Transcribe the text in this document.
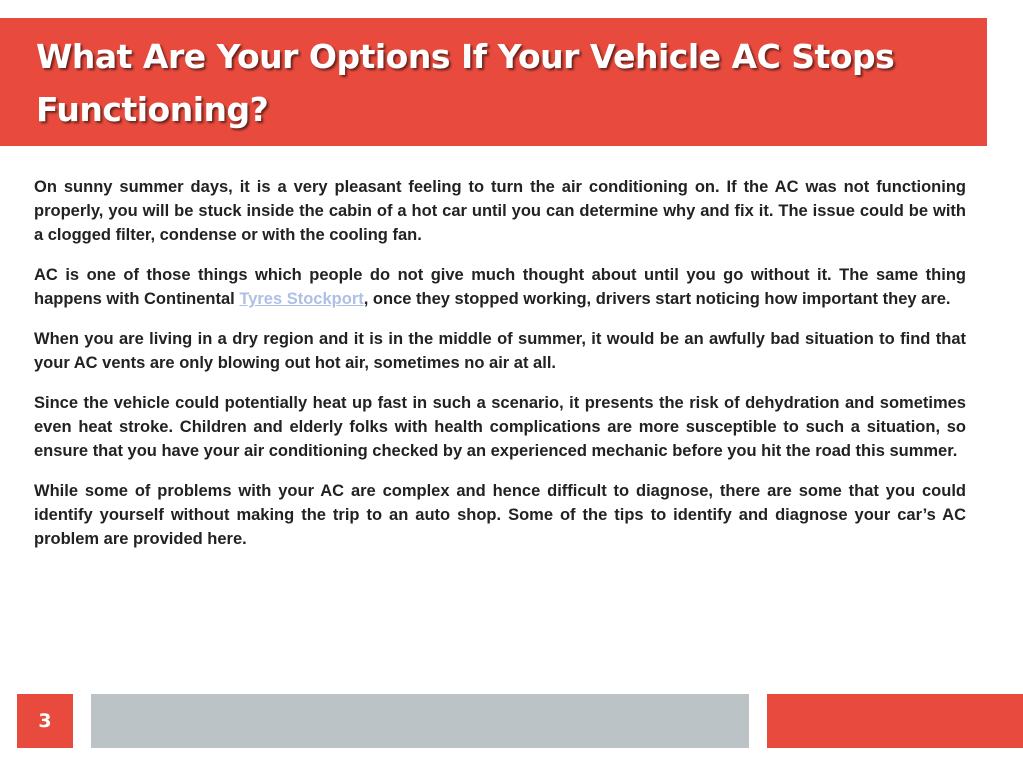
What Are Your Options If Your Vehicle AC Stops Functioning?

On sunny summer days, it is a very pleasant feeling to turn the air conditioning on. If the AC was not functioning properly, you will be stuck inside the cabin of a hot car until you can determine why and fix it. The issue could be with a clogged filter, condense or with the cooling fan.

AC is one of those things which people do not give much thought about until you go without it. The same thing happens with Continental Tyres Stockport, once they stopped working, drivers start noticing how important they are.

When you are living in a dry region and it is in the middle of summer, it would be an awfully bad situation to find that your AC vents are only blowing out hot air, sometimes no air at all.

Since the vehicle could potentially heat up fast in such a scenario, it presents the risk of dehydration and sometimes even heat stroke. Children and elderly folks with health complications are more susceptible to such a situation, so ensure that you have your air conditioning checked by an experienced mechanic before you hit the road this summer.

While some of problems with your AC are complex and hence difficult to diagnose, there are some that you could identify yourself without making the trip to an auto shop. Some of the tips to identify and diagnose your car’s AC problem are provided here.

3
